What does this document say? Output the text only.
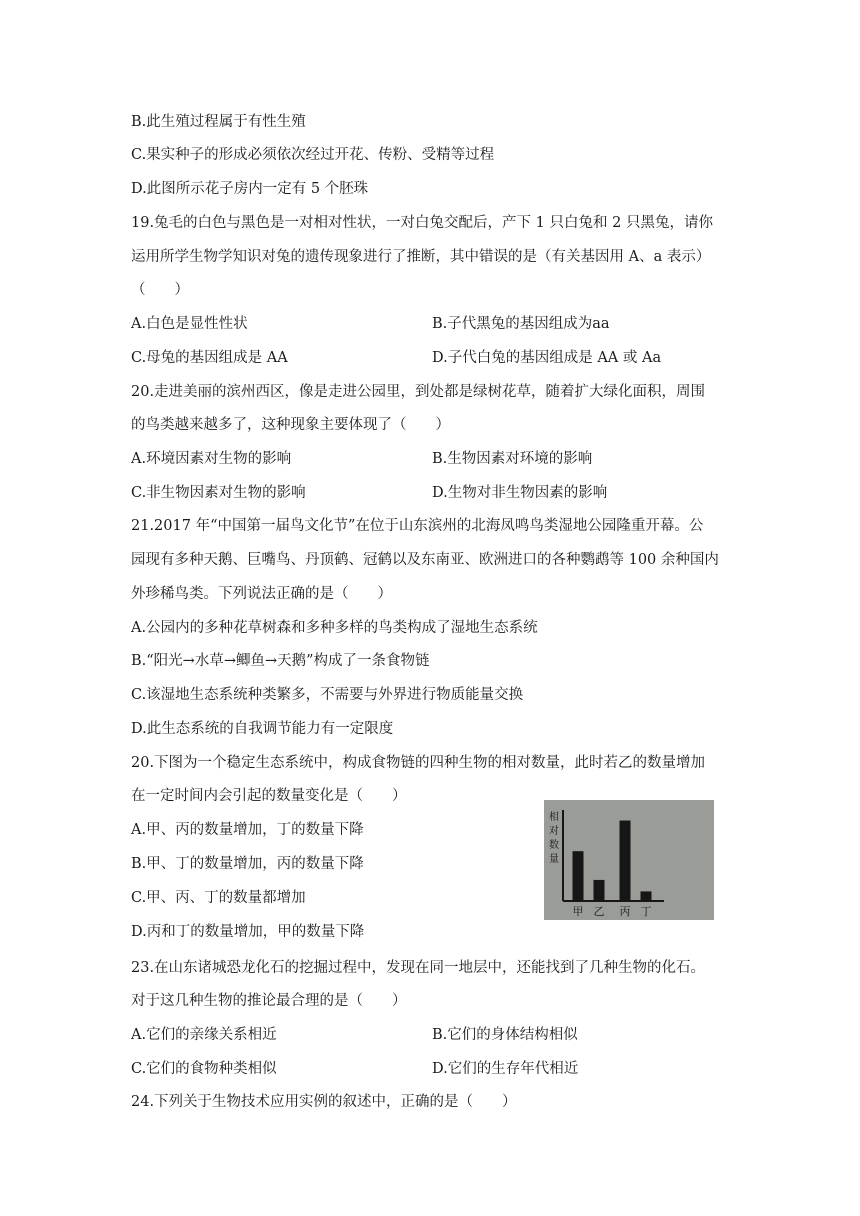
B.此生殖过程属于有性生殖
C.果实种子的形成必须依次经过开花、传粉、受精等过程
D.此图所示花子房内一定有 5 个胚珠
19.兔毛的白色与黑色是一对相对性状，一对白兔交配后，产下 1 只白兔和 2 只黑兔，请你
运用所学生物学知识对兔的遗传现象进行了推断，其中错误的是（有关基因用 A、a 表示）
（　　）
A.白色是显性性状	B.子代黑兔的基因组成为aa
C.母兔的基因组成是 AA	D.子代白兔的基因组成是 AA 或 Aa
20.走进美丽的滨州西区，像是走进公园里，到处都是绿树花草，随着扩大绿化面积，周围
的鸟类越来越多了，这种现象主要体现了（　　）
A.环境因素对生物的影响	B.生物因素对环境的影响
C.非生物因素对生物的影响	D.生物对非生物因素的影响
21.2017 年“中国第一届鸟文化节”在位于山东滨州的北海凤鸣鸟类湿地公园隆重开幕。公
园现有多种天鹅、巨嘴鸟、丹顶鹤、冠鹤以及东南亚、欧洲进口的各种鹦鹉等 100 余种国内
外珍稀鸟类。下列说法正确的是（　　）
A.公园内的多种花草树森和多种多样的鸟类构成了湿地生态系统
B.“阳光→水草→鲫鱼→天鹅”构成了一条食物链
C.该湿地生态系统种类繁多，不需要与外界进行物质能量交换
D.此生态系统的自我调节能力有一定限度
20.下图为一个稳定生态系统中，构成食物链的四种生物的相对数量，此时若乙的数量增加
在一定时间内会引起的数量变化是（　　）
A.甲、丙的数量增加，丁的数量下降
B.甲、丁的数量增加，丙的数量下降
C.甲、丙、丁的数量都增加
D.丙和丁的数量增加，甲的数量下降
相对数量
甲 乙 丙 丁
23.在山东诸城恐龙化石的挖掘过程中，发现在同一地层中，还能找到了几种生物的化石。
对于这几种生物的推论最合理的是（　　）
A.它们的亲缘关系相近	B.它们的身体结构相似
C.它们的食物种类相似	D.它们的生存年代相近
24.下列关于生物技术应用实例的叙述中，正确的是（　　）
